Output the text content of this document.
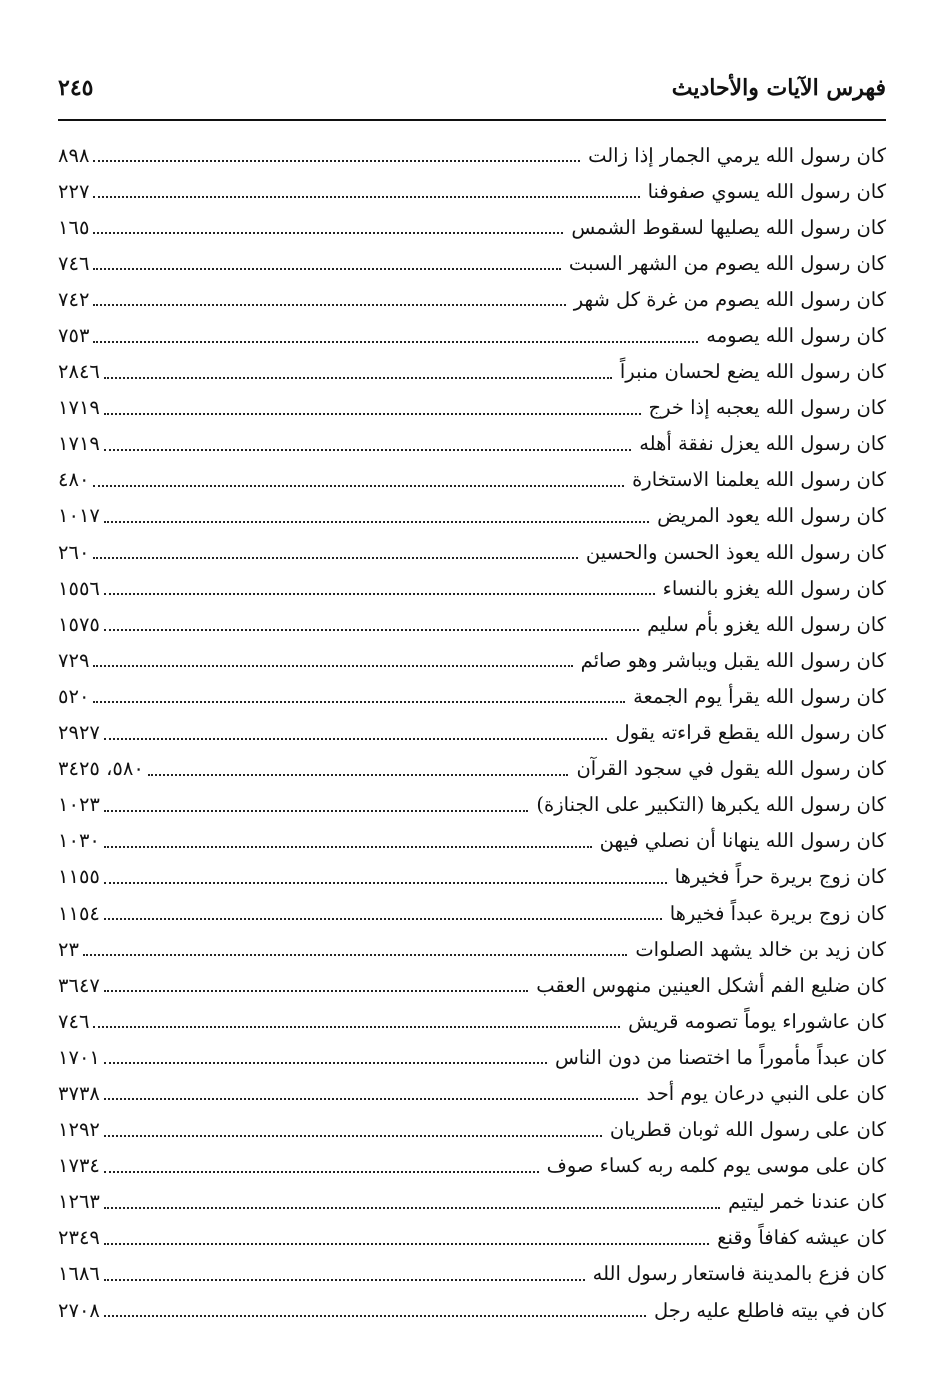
فهرس الآيات والأحاديث
٢٤٥
كان رسول الله يرمي الجمار إذا زالت
٨٩٨
كان رسول الله يسوي صفوفنا
٢٢٧
كان رسول الله يصليها لسقوط الشمس
١٦٥
كان رسول الله يصوم من الشهر السبت
٧٤٦
كان رسول الله يصوم من غرة كل شهر
٧٤٢
كان رسول الله يصومه
٧٥٣
كان رسول الله يضع لحسان منبراً
٢٨٤٦
كان رسول الله يعجبه إذا خرج
١٧١٩
كان رسول الله يعزل نفقة أهله
١٧١٩
كان رسول الله يعلمنا الاستخارة
٤٨٠
كان رسول الله يعود المريض
١٠١٧
كان رسول الله يعوذ الحسن والحسين
٢٦٠
كان رسول الله يغزو بالنساء
١٥٥٦
كان رسول الله يغزو بأم سليم
١٥٧٥
كان رسول الله يقبل ويباشر وهو صائم
٧٢٩
كان رسول الله يقرأ يوم الجمعة
٥٢٠
كان رسول الله يقطع قراءته يقول
٢٩٢٧
كان رسول الله يقول في سجود القرآن
٥٨٠، ٣٤٢٥
كان رسول الله يكبرها (التكبير على الجنازة)
١٠٢٣
كان رسول الله ينهانا أن نصلي فيهن
١٠٣٠
كان زوج بريرة حراً فخيرها
١١٥٥
كان زوج بريرة عبداً فخيرها
١١٥٤
كان زيد بن خالد يشهد الصلوات
٢٣
كان ضليع الفم أشكل العينين منهوس العقب
٣٦٤٧
كان عاشوراء يوماً تصومه قريش
٧٤٦
كان عبداً مأموراً ما اختصنا من دون الناس
١٧٠١
كان على النبي درعان يوم أحد
٣٧٣٨
كان على رسول الله ثوبان قطريان
١٢٩٢
كان على موسى يوم كلمه ربه كساء صوف
١٧٣٤
كان عندنا خمر ليتيم
١٢٦٣
كان عيشه كفافاً وقنع
٢٣٤٩
كان فزع بالمدينة فاستعار رسول الله
١٦٨٦
كان في بيته فاطلع عليه رجل
٢٧٠٨
